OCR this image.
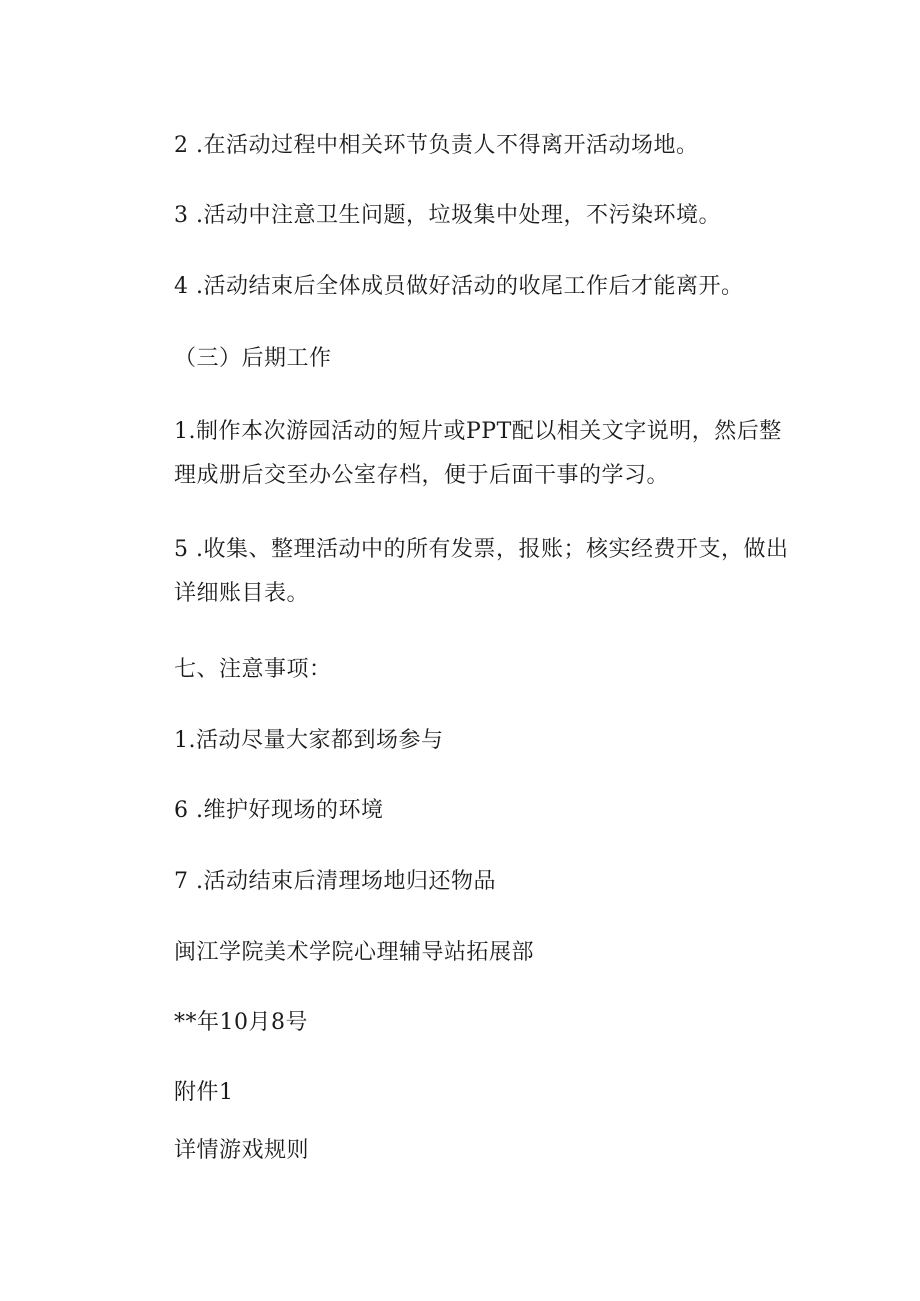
2 .在活动过程中相关环节负责人不得离开活动场地。
3 .活动中注意卫生问题，垃圾集中处理，不污染环境。
4 .活动结束后全体成员做好活动的收尾工作后才能离开。
（三）后期工作
1.制作本次游园活动的短片或PPT配以相关文字说明，然后整
理成册后交至办公室存档，便于后面干事的学习。
5 .收集、整理活动中的所有发票，报账；核实经费开支，做出
详细账目表。
七、注意事项：
1.活动尽量大家都到场参与
6 .维护好现场的环境
7 .活动结束后清理场地归还物品
闽江学院美术学院心理辅导站拓展部
**年10月8号
附件1
详情游戏规则
